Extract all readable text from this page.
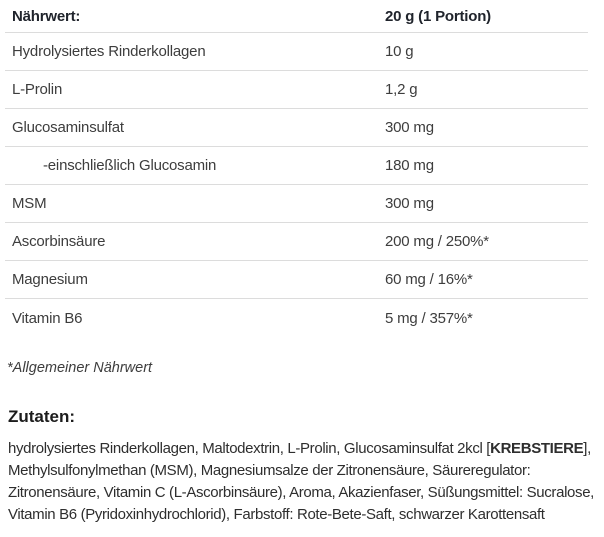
Nährwert:	20 g (1 Portion)
Hydrolysiertes Rinderkollagen	10 g
L-Prolin	1,2 g
Glucosaminsulfat	300 mg
-einschließlich Glucosamin	180 mg
MSM	300 mg
Ascorbinsäure	200 mg / 250%*
Magnesium	60 mg / 16%*
Vitamin B6	5 mg / 357%*
*Allgemeiner Nährwert
Zutaten:

hydrolysiertes Rinderkollagen, Maltodextrin, L-Prolin, Glucosaminsulfat 2kcl [KREBSTIERE], Methylsulfonylmethan (MSM), Magnesiumsalze der Zitronensäure, Säureregulator: Zitronensäure, Vitamin C (L-Ascorbinsäure), Aroma, Akazienfaser, Süßungsmittel: Sucralose, Vitamin B6 (Pyridoxinhydrochlorid), Farbstoff: Rote-Bete-Saft, schwarzer Karottensaft
